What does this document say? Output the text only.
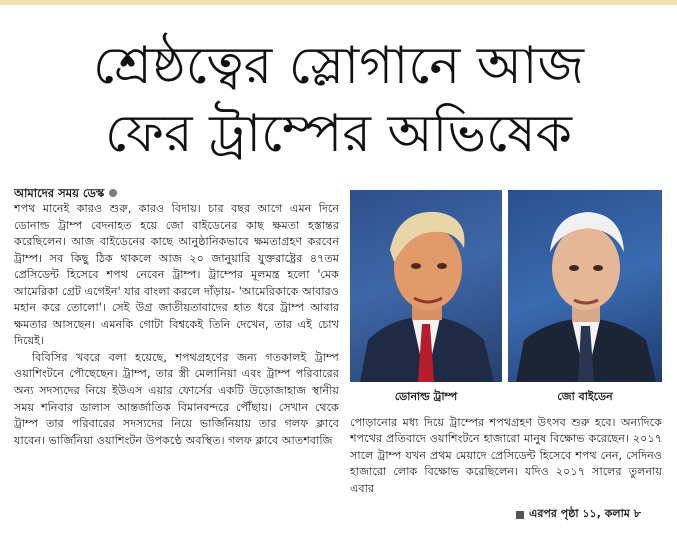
শ্রেষ্ঠত্বের স্লোগানে আজ
ফের ট্রাম্পের অভিষেক
আমাদের সময় ডেস্ক

শপথ মানেই কারও শুরু, কারও বিদায়। চার বছর আগে এমন দিনে ডোনাল্ড ট্রাম্প বেদনাহত হয়ে জো বাইডেনের কাছ ক্ষমতা হস্তান্তর করেছিলেন। আজ বাইডেনের কাছে আনুষ্ঠানিকভাবে ক্ষমতাগ্রহণ করবেন ট্রাম্প। সব কিছু ঠিক থাকলে আজ ২০ জানুয়ারি যুক্তরাষ্ট্রের ৪৭তম প্রেসিডেন্ট হিসেবে শপথ নেবেন ট্রাম্প। ট্রাম্পের মূলমন্ত্র হলো 'মেক আমেরিকা গ্রেট এগেইন' যার বাংলা করলে দাঁড়ায়- 'আমেরিকাকে আবারও মহান করে তোলো'। সেই উগ্র জাতীয়তাবাদের হাত ধরে ট্রাম্প আবার ক্ষমতার আসছেন। এমনকি গোটা বিশ্বকেই তিনি দেখেন, তার এই চোখ দিয়েই।

বিবিসির খবরে বলা হয়েছে, শপথগ্রহণের জন্য গতকালই ট্রাম্প ওয়াশিংটনে পৌছেছেন। ট্রাম্প, তার স্ত্রী মেলানিয়া এবং ট্রাম্প পরিবারের অন্য সদস্যদের নিয়ে ইউএস এয়ার ফোর্সের একটি উড়োজাহাজ স্থানীয় সময় শনিবার ডালাস আন্তর্জাতিক বিমানবন্দরে পৌঁছায়। সেখান থেকে ট্রাম্প তার পরিবারের সদস্যদের নিয়ে ভার্জিনিয়ায় তার গলফ ক্লাবে যাবেন। ভার্জিনিয়া ওয়াশিংটন উপকণ্ঠে অবস্থিত। গলফ ক্লাবে আতশবাজি

ডোনাল্ড ট্রাম্প	জো বাইডেন

পোড়ানোর মধ্য দিয়ে ট্রাম্পের শপথগ্রহণ উৎসব শুরু হবে। অন্যদিকে শপথের প্রতিবাদে ওয়াশিংটনে হাজারো মানুষ বিক্ষোভ করেছেন। ২০১৭ সালে ট্রাম্প যখন প্রথম মেয়াদে প্রেসিডেন্ট হিসেবে শপথ নেন, সেদিনও হাজারো লোক বিক্ষোভ করেছিলেন। যদিও ২০১৭ সালের তুলনায় এবার

এরপর পৃষ্ঠা ১১, কলাম ৮
